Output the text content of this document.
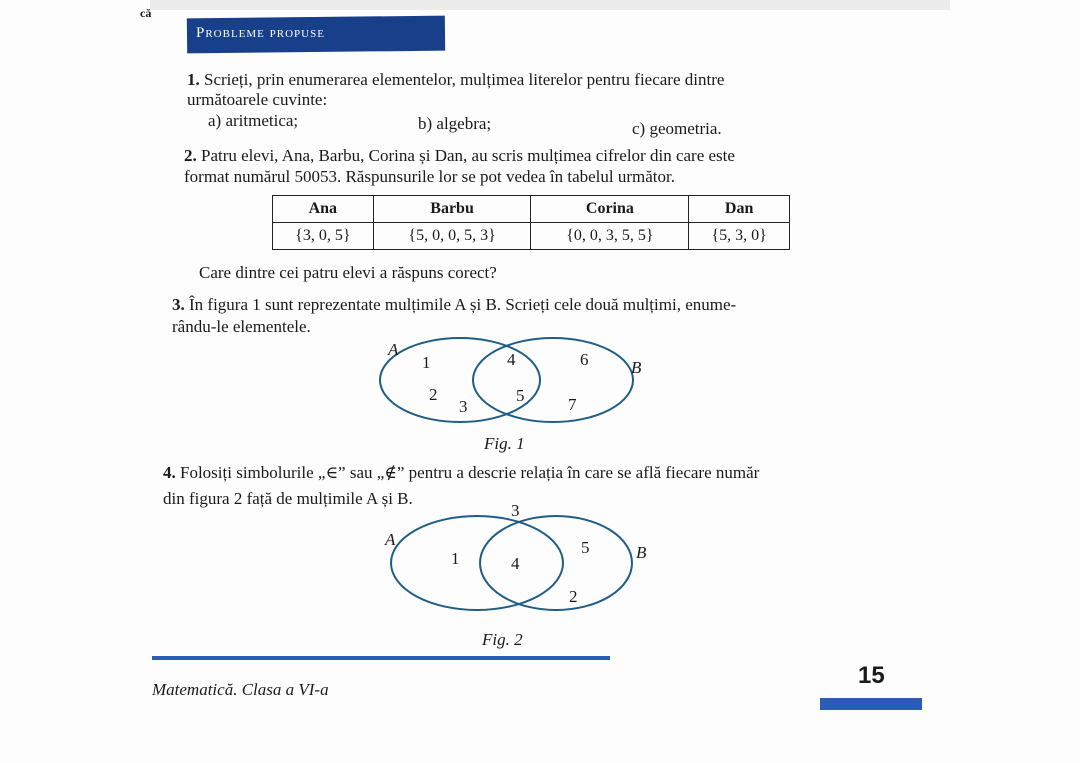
că
Probleme propuse
1. Scrieți, prin enumerarea elementelor, mulțimea literelor pentru fiecare dintre
următoarele cuvinte:
a) aritmetica;	b) algebra;	c) geometria.
2. Patru elevi, Ana, Barbu, Corina și Dan, au scris mulțimea cifrelor din care este
format numărul 50053. Răspunsurile lor se pot vedea în tabelul următor.
Ana	Barbu	Corina	Dan
{3, 0, 5}	{5, 0, 0, 5, 3}	{0, 0, 3, 5, 5}	{5, 3, 0}
Care dintre cei patru elevi a răspuns corect?
3. În figura 1 sunt reprezentate mulțimile A și B. Scrieți cele două mulțimi, enume-
rându-le elementele.
A
B
1
2
3
4
5
6
7
Fig. 1
4. Folosiți simbolurile „∈” sau „∉” pentru a descrie relația în care se află fiecare număr
din figura 2 față de mulțimile A și B.
A
B
3
1	4
5
2
Fig. 2
Matematică. Clasa a VI-a
15
